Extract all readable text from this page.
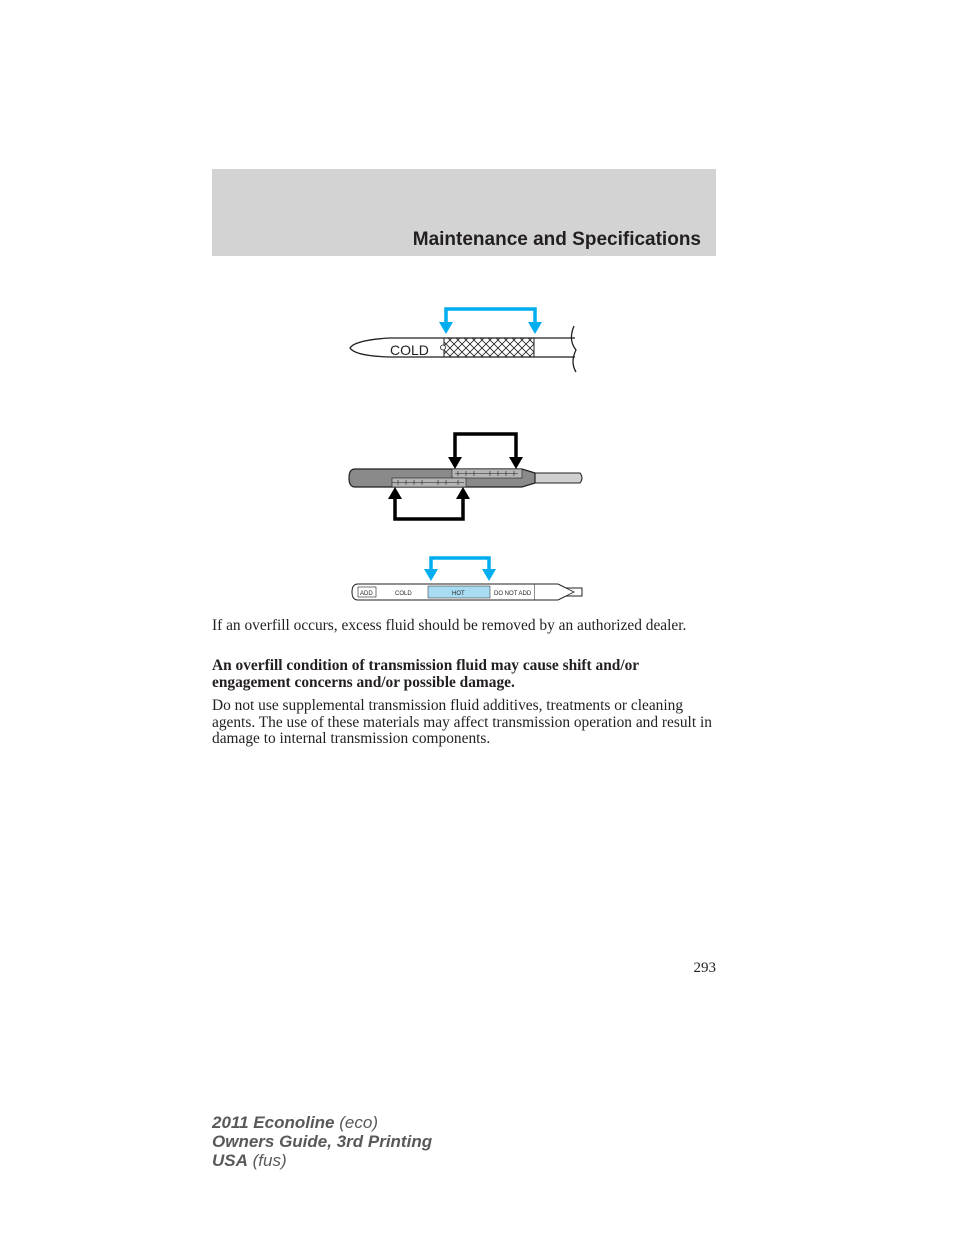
Maintenance and Specifications
COLD
ADD	COLD	HOT	DO NOT ADD

If an overfill occurs, excess fluid should be removed by an authorized dealer.

An overfill condition of transmission fluid may cause shift and/or engagement concerns and/or possible damage.

Do not use supplemental transmission fluid additives, treatments or cleaning agents. The use of these materials may affect transmission operation and result in damage to internal transmission components.

293
2011 Econoline (eco)
Owners Guide, 3rd Printing
USA (fus)
